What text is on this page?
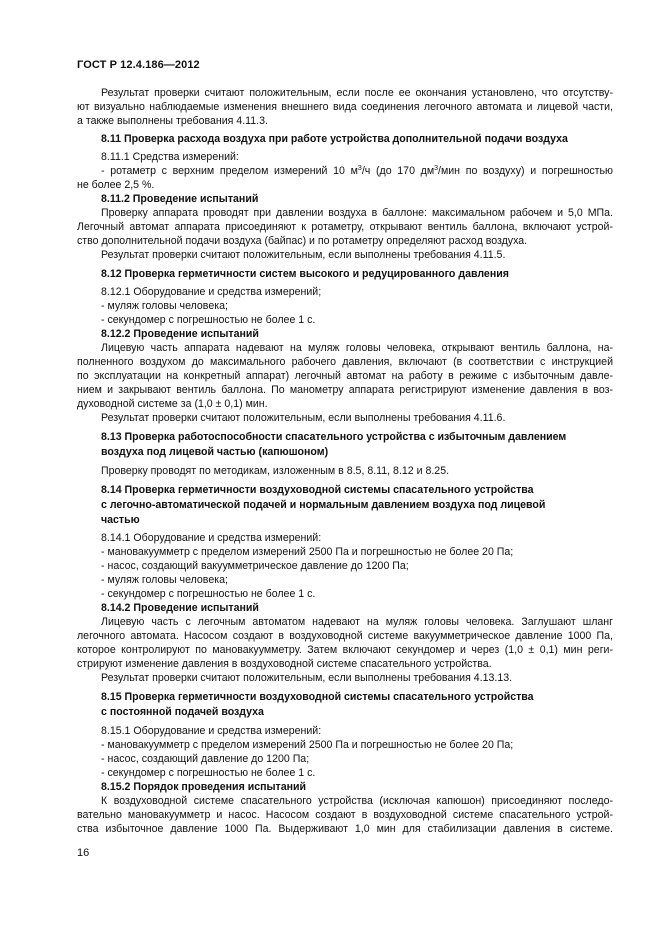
ГОСТ Р 12.4.186—2012
Результат проверки считают положительным, если после ее окончания установлено, что отсутству-
ют визуально наблюдаемые изменения внешнего вида соединения легочного автомата и лицевой части,
а также выполнены требования 4.11.3.
8.11 Проверка расхода воздуха при работе устройства дополнительной подачи воздуха
8.11.1 Средства измерений:
- ротаметр с верхним пределом измерений 10 $м^3/ч$ (до 170 $дм^3$/мин по воздуху) и погрешностью
не более 2,5 %.
8.11.2 Проведение испытаний
Проверку аппарата проводят при давлении воздуха в баллоне: максимальном рабочем и 5,0 МПа.
Легочный автомат аппарата присоединяют к ротаметру, открывают вентиль баллона, включают устрой-
ство дополнительной подачи воздуха (байпас) и по ротаметру определяют расход воздуха.
Результат проверки считают положительным, если выполнены требования 4.11.5.
8.12 Проверка герметичности систем высокого и редуцированного давления
8.12.1 Оборудование и средства измерений;
- муляж головы человека;
- секундомер с погрешностью не более 1 с.
8.12.2 Проведение испытаний
Лицевую часть аппарата надевают на муляж головы человека, открывают вентиль баллона, на-
полненного воздухом до максимального рабочего давления, включают (в соответствии с инструкцией
по эксплуатации на конкретный аппарат) легочный автомат на работу в режиме с избыточным давле-
нием и закрывают вентиль баллона. По манометру аппарата регистрируют изменение давления в воз-
духоводной системе за (1,0 ± 0,1) мин.
Результат проверки считают положительным, если выполнены требования 4.11.6.
8.13 Проверка работоспособности спасательного устройства с избыточным давлением
воздуха под лицевой частью (капюшоном)
Проверку проводят по методикам, изложенным в 8.5, 8.11, 8.12 и 8.25.
8.14 Проверка герметичности воздуховодной системы спасательного устройства
с легочно-автоматической подачей и нормальным давлением воздуха под лицевой
частью
8.14.1 Оборудование и средства измерений:
- мановакуумметр с пределом измерений 2500 Па и погрешностью не более 20 Па;
- насос, создающий вакуумметрическое давление до 1200 Па;
- муляж головы человека;
- секундомер с погрешностью не более 1 с.
8.14.2 Проведение испытаний
Лицевую часть с легочным автоматом надевают на муляж головы человека. Заглушают шланг
легочного автомата. Насосом создают в воздуховодной системе вакуумметрическое давление 1000 Па,
которое контролируют по мановакуумметру. Затем включают секундомер и через (1,0 ± 0,1) мин реги-
стрируют изменение давления в воздуховодной системе спасательного устройства.
Результат проверки считают положительным, если выполнены требования 4.13.13.
8.15 Проверка герметичности воздуховодной системы спасательного устройства
с постоянной подачей воздуха
8.15.1 Оборудование и средства измерений:
- мановакуумметр с пределом измерений 2500 Па и погрешностью не более 20 Па;
- насос, создающий давление до 1200 Па;
- секундомер с погрешностью не более 1 с.
8.15.2 Порядок проведения испытаний
К воздуховодной системе спасательного устройства (исключая капюшон) присоединяют последо-
вательно мановакуумметр и насос. Насосом создают в воздуховодной системе спасательного устрой-
ства избыточное давление 1000 Па. Выдерживают 1,0 мин для стабилизации давления в системе.
16
